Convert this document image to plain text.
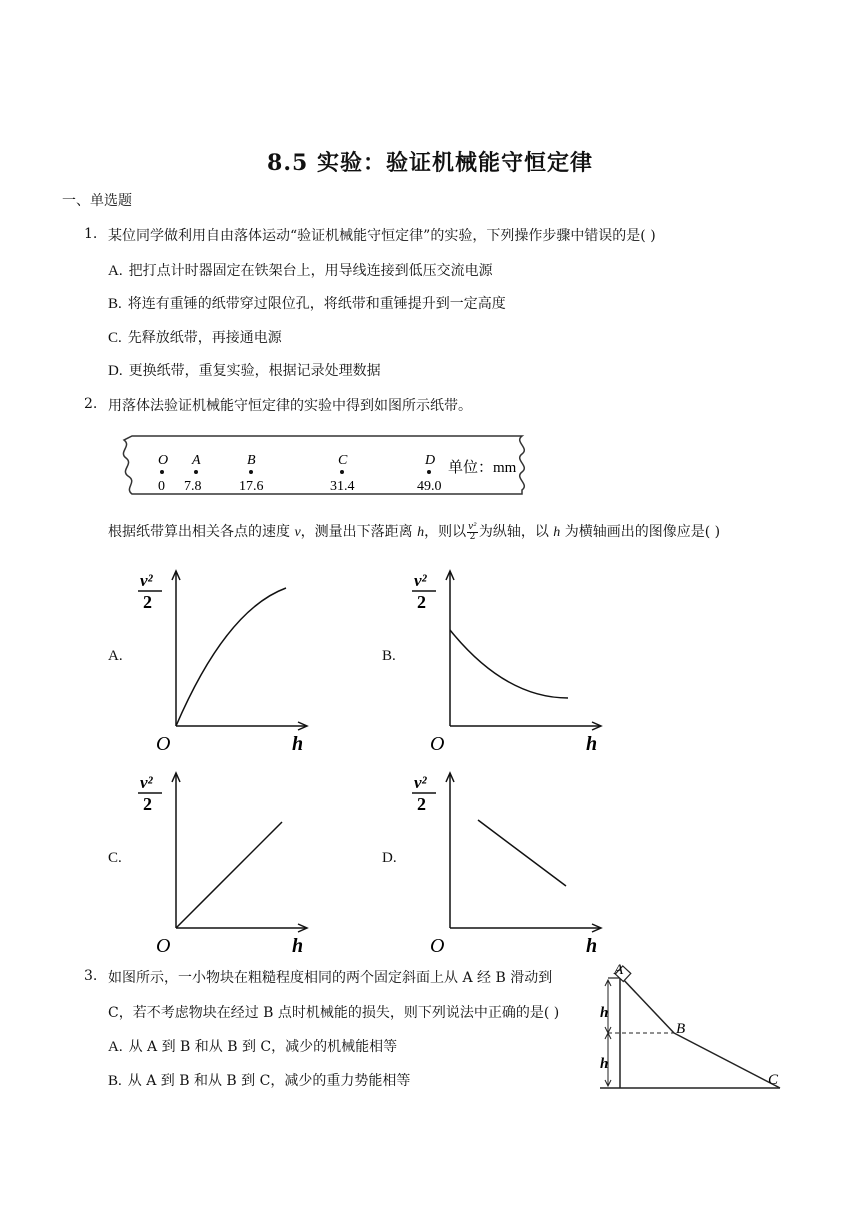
8.5 实验：验证机械能守恒定律
一、单选题
1. 某位同学做利用自由落体运动“验证机械能守恒定律”的实验，下列操作步骤中错误的是( )
A. 把打点计时器固定在铁架台上，用导线连接到低压交流电源
B. 将连有重锤的纸带穿过限位孔，将纸带和重锤提升到一定高度
C. 先释放纸带，再接通电源
D. 更换纸带，重复实验，根据记录处理数据
2. 用落体法验证机械能守恒定律的实验中得到如图所示纸带。
O
0
A
7.8
B
17.6
C
31.4
D
49.0
单位：mm
根据纸带算出相关各点的速度 v，测量出下落距离 h，则以 $\frac{\text{v²}}{2}$ 为纵轴，以 h 为横轴画出的图像应是( )
A.	B.
C.	D.
v²
2
O	h
v²
2
O	h
v²
2
O	h
v²
2
O	h
3. 如图所示，一小物块在粗糙程度相同的两个固定斜面上从 A 经 B 滑动到
C，若不考虑物块在经过 B 点时机械能的损失，则下列说法中正确的是( )
A. 从 A 到 B 和从 B 到 C，减少的机械能相等
B. 从 A 到 B 和从 B 到 C，减少的重力势能相等
A
B
C
h
h
